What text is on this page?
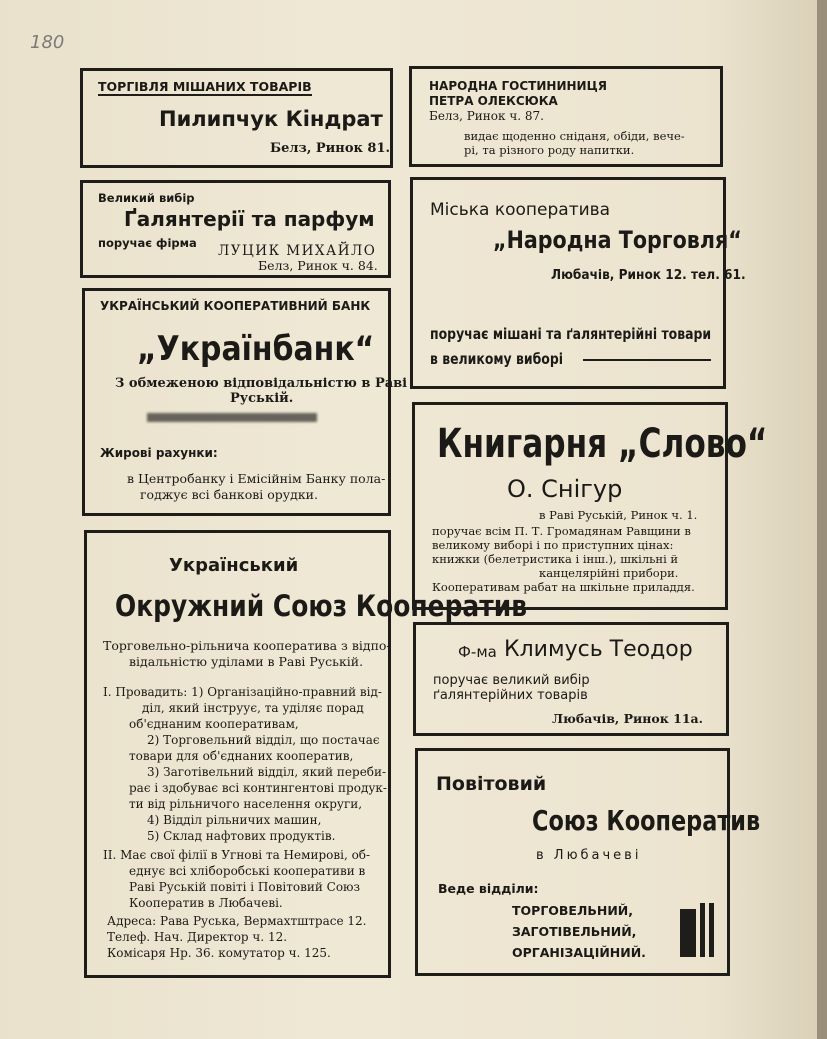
180

ТОРГІВЛЯ МІШАНИХ ТОВАРІВ

Пилипчук Кіндрат

Белз, Ринок 81.

Великий вибір

Ґалянтерії та парфум

поручає фірма ЛУЦИК МИХАЙЛО

Белз, Ринок ч. 84.

УКРАЇНСЬКИЙ КООПЕРАТИВНИЙ БАНК

„Українбанк“

З обмеженою відповідальністю в Раві

Руській.

Жирові рахунки:

в Центробанку і Емісійнім Банку пола-

годжує всі банкові орудки.

Український

Окружний Союз Кооператив

Торговельно-рільнича кооператива з відпо-

відальністю уділами в Раві Руській.

I. Провадить: 1) Організаційно-правний від-

діл, який інструує, та уділяє порад

об'єднаним кооперативам,

2) Торговельний відділ, що постачає

товари для об'єднаних кооператив,

3) Заготівельний відділ, який переби-

рає і здобуває всі контингентові продук-

ти від рільничого населення округи,

4) Відділ рільничих машин,

5) Склад нафтових продуктів.

II. Має свої філії в Угнові та Немирові, об-

еднує всі хліборобські кооперативи в

Раві Руській повіті і Повітовий Союз

Кооператив в Любачеві.

Адреса: Рава Руська, Вермахтштрасе 12.

Телеф. Нач. Директор ч. 12.

Комісаря Нр. 36. комутатор ч. 125.

НАРОДНА ГОСТИНИНИЦЯ

ПЕТРА ОЛЕКСЮКА

Белз, Ринок ч. 87.

видає щоденно сніданя, обіди, вечe-

рі, та різного роду напитки.

Міська кооператива

„Народна Торговля“

Любачів, Ринок 12. тел. 61.

поручає мішані та ґалянтерійні товари

в великому виборі

Книгарня „Слово“

О. Снігур

в Раві Руській, Ринок ч. 1.

поручає всім П. Т. Громадянам Равщини в

великому виборі і по приступних цінах:

книжки (белетристика і інш.), шкільні й

канцелярійні прибори.

Кооперативам рабат на шкільне приладдя.

Ф-ма Климусь Теодор

поручає великий вибір

ґалянтерійних товарів

Любачів, Ринок 11а.

Повітовий

Союз Кооператив

в Любачеві

Веде відділи:

ТОРГОВЕЛЬНИЙ,

ЗАГОТІВЕЛЬНИЙ,

ОРГАНІЗАЦІЙНИЙ.
